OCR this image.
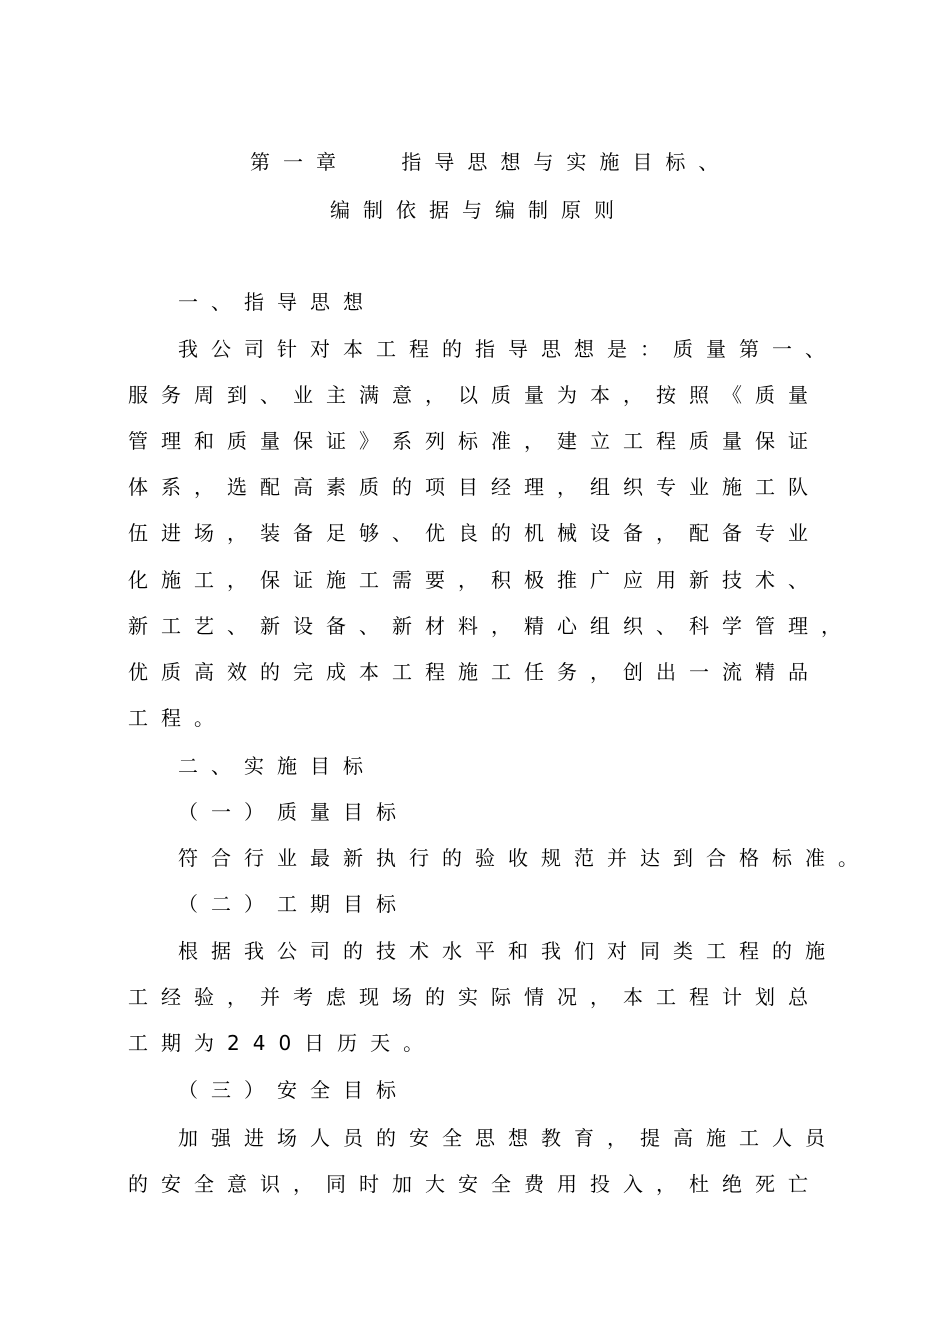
第一章　 指导思想与实施目标、
编制依据与编制原则
一、指导思想
我公司针对本工程的指导思想是：质量第一、
服务周到、业主满意，以质量为本，按照《质量
管理和质量保证》系列标准，建立工程质量保证
体系，选配高素质的项目经理，组织专业施工队
伍进场，装备足够、优良的机械设备，配备专业
化施工，保证施工需要，积极推广应用新技术、
新工艺、新设备、新材料，精心组织、科学管理，
优质高效的完成本工程施工任务，创出一流精品
工程。
二、实施目标
（一）质量目标
符合行业最新执行的验收规范并达到合格标准。
（二）工期目标
根据我公司的技术水平和我们对同类工程的施
工经验，并考虑现场的实际情况，本工程计划总
工期为240日历天。
（三）安全目标
加强进场人员的安全思想教育，提高施工人员
的安全意识，同时加大安全费用投入，杜绝死亡
